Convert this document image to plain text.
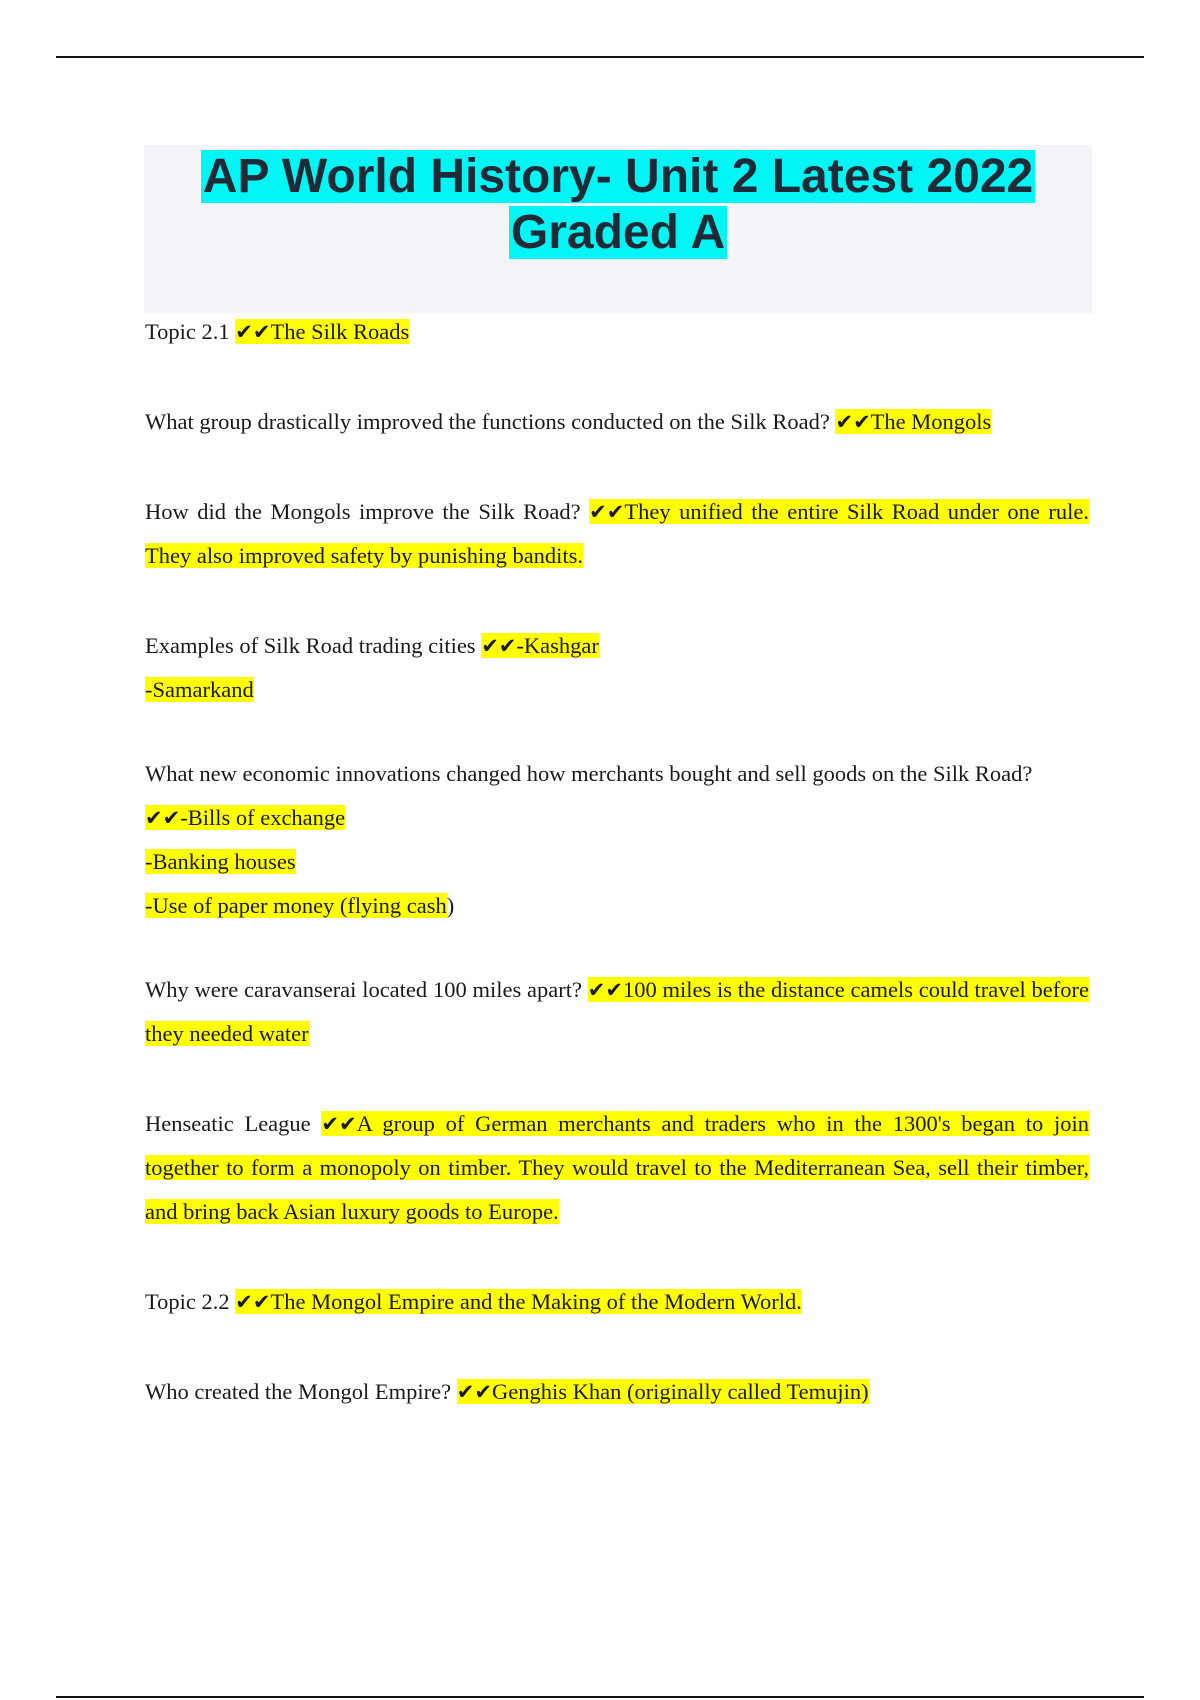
AP World History- Unit 2 Latest 2022
Graded A
Topic 2.1 ✔✔The Silk Roads
What group drastically improved the functions conducted on the Silk Road? ✔✔The Mongols
How did the Mongols improve the Silk Road? ✔✔They unified the entire Silk Road under one rule. They also improved safety by punishing bandits.
Examples of Silk Road trading cities ✔✔-Kashgar
-Samarkand
What new economic innovations changed how merchants bought and sell goods on the Silk Road?
✔✔-Bills of exchange
-Banking houses
-Use of paper money (flying cash)
Why were caravanserai located 100 miles apart? ✔✔100 miles is the distance camels could travel before they needed water
Henseatic League ✔✔A group of German merchants and traders who in the 1300's began to join together to form a monopoly on timber. They would travel to the Mediterranean Sea, sell their timber, and bring back Asian luxury goods to Europe.
Topic 2.2 ✔✔The Mongol Empire and the Making of the Modern World.
Who created the Mongol Empire? ✔✔Genghis Khan (originally called Temujin)
